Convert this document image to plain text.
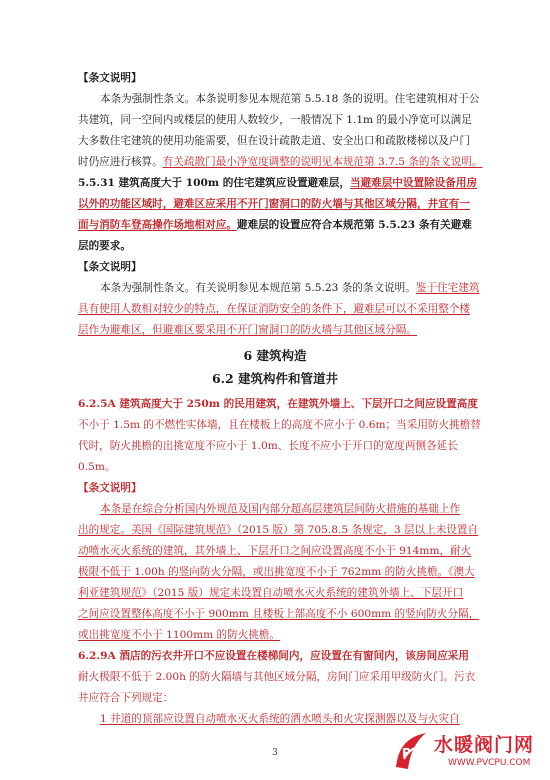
【条文说明】
本条为强制性条文。本条说明参见本规范第 5.5.18 条的说明。住宅建筑相对于公
共建筑，同一空间内或楼层的使用人数较少，一般情况下 1.1m 的最小净宽可以满足
大多数住宅建筑的使用功能需要，但在设计疏散走道、安全出口和疏散楼梯以及户门
时仍应进行核算。有关疏散门最小净宽度调整的说明见本规范第 3.7.5 条的条文说明。
5.5.31 建筑高度大于 100m 的住宅建筑应设置避难层，当避难层中设置除设备用房
以外的功能区域时，避难区应采用不开门窗洞口的防火墙与其他区域分隔，并宜有一
面与消防车登高操作场地相对应。避难层的设置应符合本规范第 5.5.23 条有关避难
层的要求。
【条文说明】
本条为强制性条文。有关说明参见本规范第 5.5.23 条的条文说明。鉴于住宅建筑
具有使用人数相对较少的特点，在保证消防安全的条件下，避难层可以不采用整个楼
层作为避难区，但避难区要采用不开门窗洞口的防火墙与其他区域分隔。
6 建筑构造
6.2 建筑构件和管道井
6.2.5A 建筑高度大于 250m 的民用建筑，在建筑外墙上、下层开口之间应设置高度
不小于 1.5m 的不燃性实体墙，且在楼板上的高度不应小于 0.6m；当采用防火挑檐替
代时，防火挑檐的出挑宽度不应小于 1.0m、长度不应小于开口的宽度两侧各延长
0.5m。
【条文说明】
本条是在综合分析国内外规范及国内部分超高层建筑层间防火措施的基础上作
出的规定。美国《国际建筑规范》（2015 版）第 705.8.5 条规定，3 层以上未设置自
动喷水灭火系统的建筑，其外墙上、下层开口之间应设置高度不小于 914mm，耐火
极限不低于 1.00h 的竖向防火分隔，或出挑宽度不小于 762mm 的防火挑檐。《澳大
利亚建筑规范》（2015 版）规定未设置自动喷水灭火系统的建筑外墙上、下层开口
之间应设置整体高度不小于 900mm 且楼板上部高度不小 600mm 的竖向防火分隔，
或出挑宽度不小于 1100mm 的防火挑檐。
6.2.9A 酒店的污衣井开口不应设置在楼梯间内，应设置在有窗间内，该房间应采用
耐火极限不低于 2.00h 的防火隔墙与其他区域分隔，房间门应采用甲级防火门。污衣
井应符合下列规定：
1 井道的顶部应设置自动喷水灭火系统的洒水喷头和火灾探测器以及与火灾自
3	P 水暖阀门网
WWW.PVCPU.COM
